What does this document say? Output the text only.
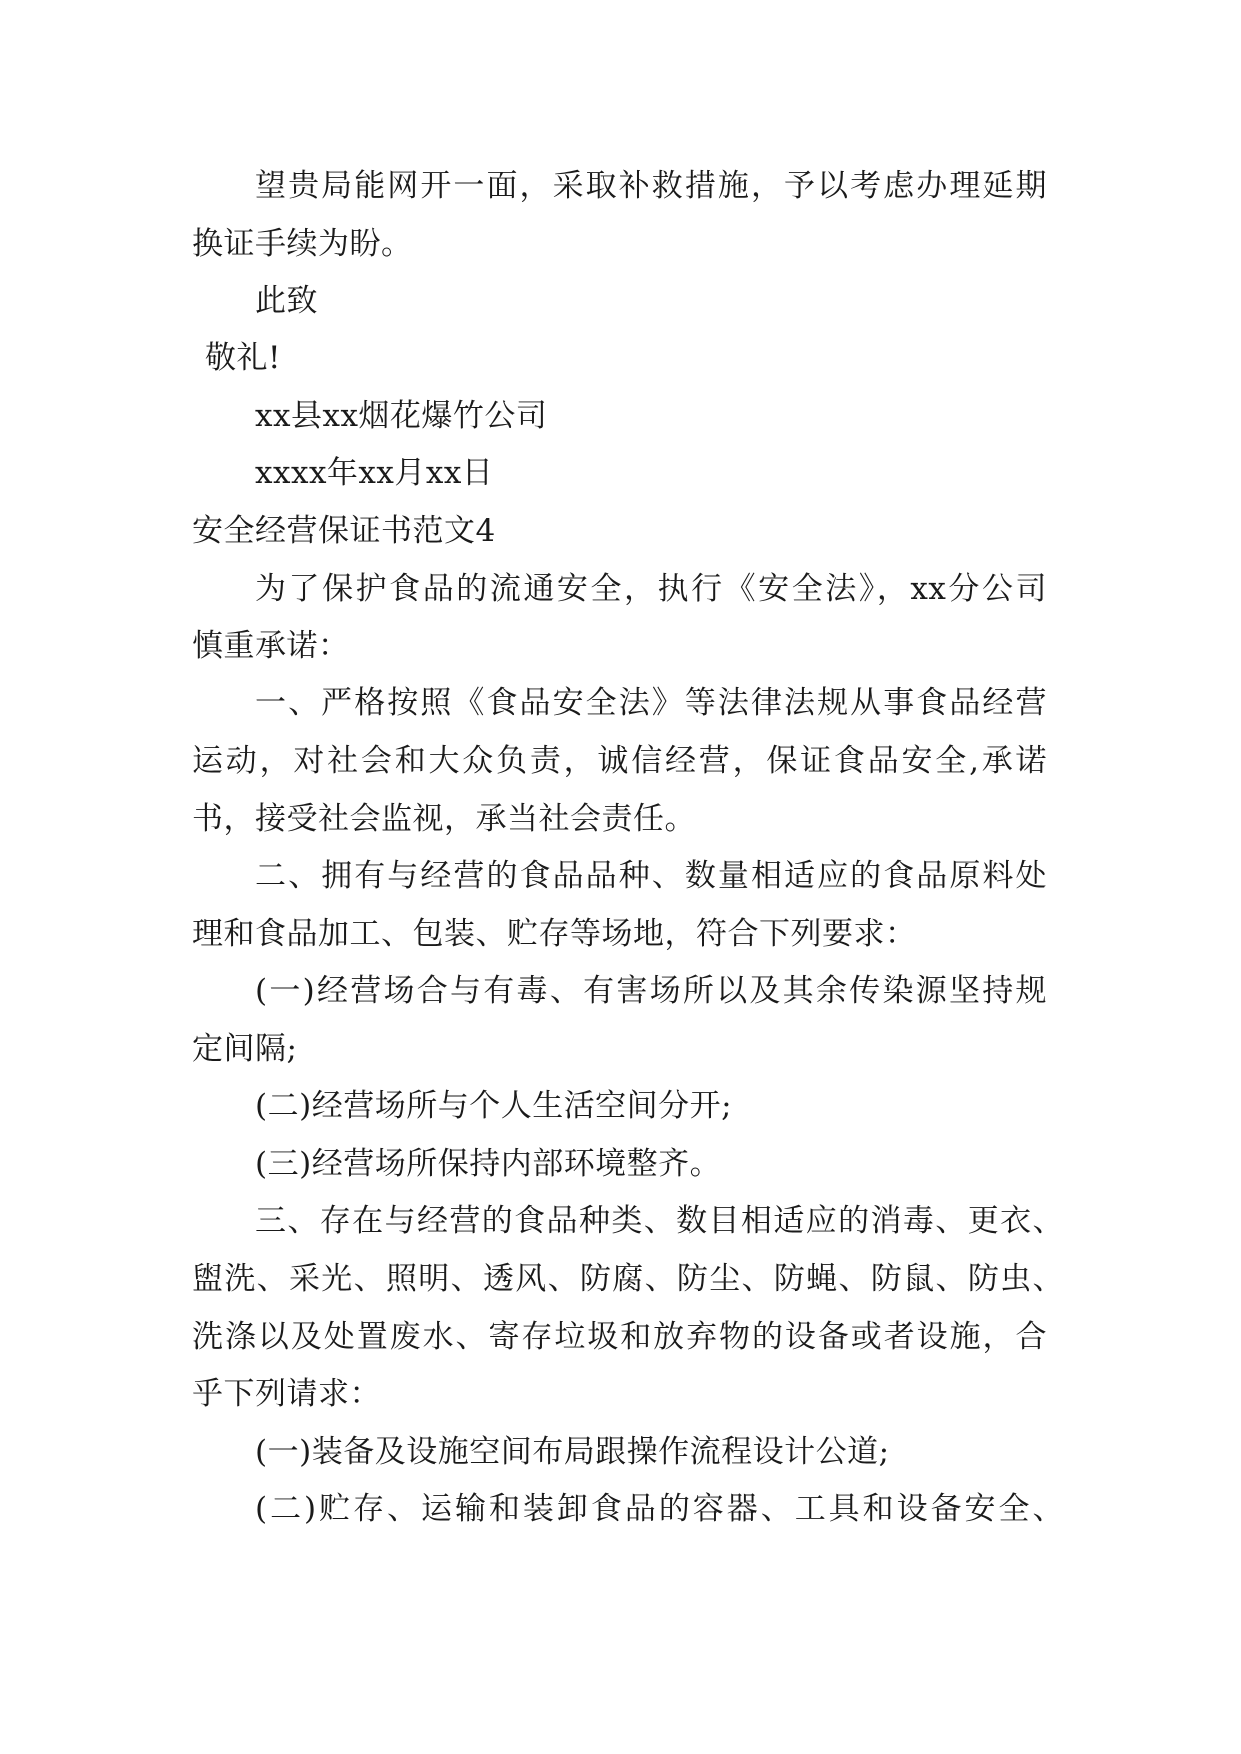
望贵局能网开一面，采取补救措施，予以考虑办理延期
换证手续为盼。
此致
敬礼!
xx县xx烟花爆竹公司
xxxx年xx月xx日
安全经营保证书范文4
为了保护食品的流通安全，执行《安全法》，xx分公司
慎重承诺：
一、严格按照《食品安全法》等法律法规从事食品经营
运动，对社会和大众负责，诚信经营，保证食品安全,承诺
书，接受社会监视，承当社会责任。
二、拥有与经营的食品品种、数量相适应的食品原料处
理和食品加工、包装、贮存等场地，符合下列要求：
(一)经营场合与有毒、有害场所以及其余传染源坚持规
定间隔;
(二)经营场所与个人生活空间分开;
(三)经营场所保持内部环境整齐。
三、存在与经营的食品种类、数目相适应的消毒、更衣、
盥洗、采光、照明、透风、防腐、防尘、防蝇、防鼠、防虫、
洗涤以及处置废水、寄存垃圾和放弃物的设备或者设施，合
乎下列请求：
(一)装备及设施空间布局跟操作流程设计公道;
(二)贮存、运输和装卸食品的容器、工具和设备安全、
